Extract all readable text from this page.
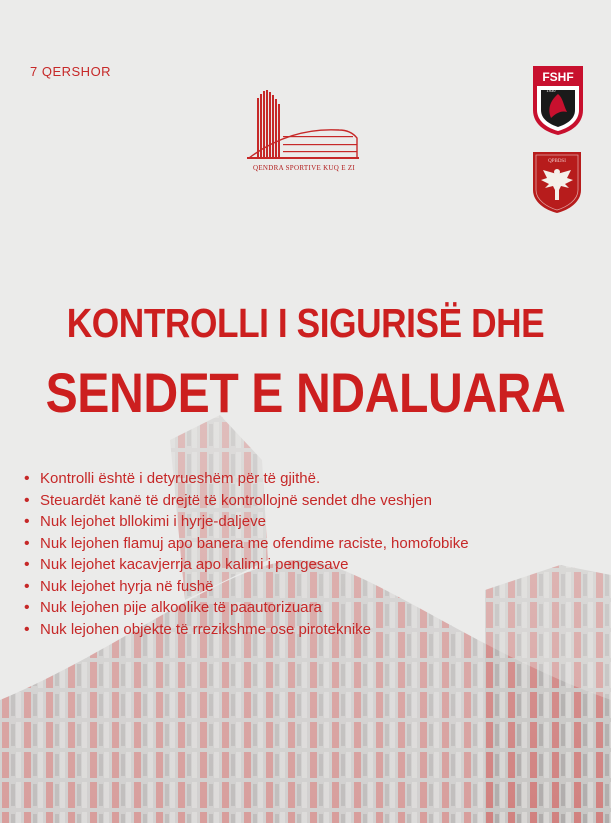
7 QERSHOR
QENDRA SPORTIVE KUQ E ZI
FSHF
1930
QPBDSI
KONTROLLI I SIGURISË DHE
SENDET E NDALUARA
• Kontrolli është i detyrueshëm për të gjithë.
• Steuardët kanë të drejtë të kontrollojnë sendet dhe veshjen
• Nuk lejohet bllokimi i hyrje-daljeve
• Nuk lejohen flamuj apo banera me ofendime raciste, homofobike
• Nuk lejohet kacavjerrja apo kalimi i pengesave
• Nuk lejohet hyrja në fushë
• Nuk lejohen pije alkoolike të paautorizuara
• Nuk lejohen objekte të rrezikshme ose piroteknike
